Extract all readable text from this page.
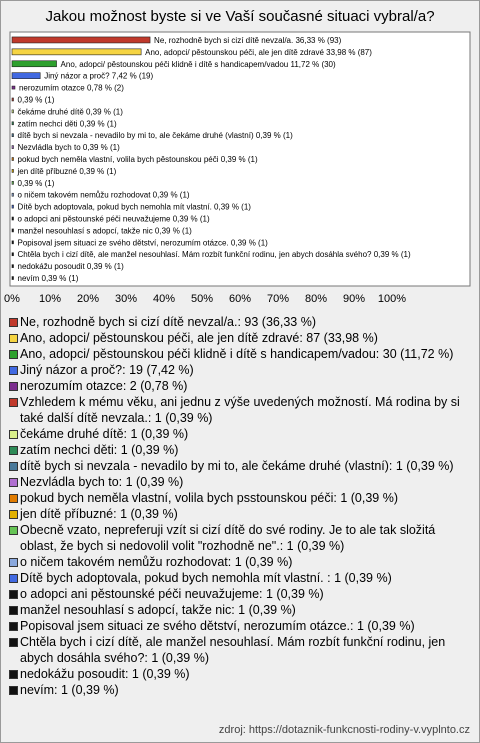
Jakou možnost byste si ve Vaší současné situaci vybral/a?
Ne, rozhodně bych si cizí dítě nevzal/a. 36,33 % (93)
Ano, adopci/ pěstounskou péči, ale jen dítě zdravé 33,98 % (87)
Ano, adopci/ pěstounskou péči klidně i dítě s handicapem/vadou 11,72 % (30)
Jiný názor a proč? 7,42 % (19)
nerozumím otazce 0,78 % (2)
0,39 % (1)
čekáme druhé dítě 0,39 % (1)
zatím nechci děti 0,39 % (1)
dítě bych si nevzala - nevadilo by mi to, ale čekáme druhé (vlastní) 0,39 % (1)
Nezvládla bych to 0,39 % (1)
pokud bych neměla vlastní, volila bych pěstounskou péči 0,39 % (1)
jen dítě příbuzné 0,39 % (1)
0,39 % (1)
o ničem takovém nemůžu rozhodovat 0,39 % (1)
Dítě bych adoptovala, pokud bych nemohla mít vlastní. 0,39 % (1)
o adopci ani pěstounské péči neuvažujeme 0,39 % (1)
manžel nesouhlasí s adopcí, takže nic 0,39 % (1)
Popisoval jsem situaci ze svého dětství, nerozumím otázce. 0,39 % (1)
Chtěla bych i cizí dítě, ale manžel nesouhlasí. Mám rozbít funkční rodinu, jen abych dosáhla svého? 0,39 % (1)
nedokážu posoudit 0,39 % (1)
nevím 0,39 % (1)
0% 10% 20% 30% 40% 50% 60% 70% 80% 90% 100%
Ne, rozhodně bych si cizí dítě nevzal/a.: 93 (36,33 %)
Ano, adopci/ pěstounskou péči, ale jen dítě zdravé: 87 (33,98 %)
Ano, adopci/ pěstounskou péči klidně i dítě s handicapem/vadou: 30 (11,72 %)
Jiný názor a proč?: 19 (7,42 %)
nerozumím otazce: 2 (0,78 %)
Vzhledem k mému věku, ani jednu z výše uvedených možností. Má rodina by si také další dítě nevzala.: 1 (0,39 %)
čekáme druhé dítě: 1 (0,39 %)
zatím nechci děti: 1 (0,39 %)
dítě bych si nevzala - nevadilo by mi to, ale čekáme druhé (vlastní): 1 (0,39 %)
Nezvládla bych to: 1 (0,39 %)
pokud bych neměla vlastní, volila bych psstounskou péči: 1 (0,39 %)
jen dítě příbuzné: 1 (0,39 %)
Obecně vzato, nepreferuji vzít si cizí dítě do své rodiny. Je to ale tak složitá oblast, že bych si nedovolil volit "rozhodně ne".: 1 (0,39 %)
o ničem takovém nemůžu rozhodovat: 1 (0,39 %)
Dítě bych adoptovala, pokud bych nemohla mít vlastní. : 1 (0,39 %)
o adopci ani pěstounské péči neuvažujeme: 1 (0,39 %)
manžel nesouhlasí s adopcí, takže nic: 1 (0,39 %)
Popisoval jsem situaci ze svého dětství, nerozumím otázce.: 1 (0,39 %)
Chtěla bych i cizí dítě, ale manžel nesouhlasí. Mám rozbít funkční rodinu, jen abych dosáhla svého?: 1 (0,39 %)
nedokážu posoudit: 1 (0,39 %)
nevím: 1 (0,39 %)
zdroj: https://dotaznik-funkcnosti-rodiny-v.vyplnto.cz
